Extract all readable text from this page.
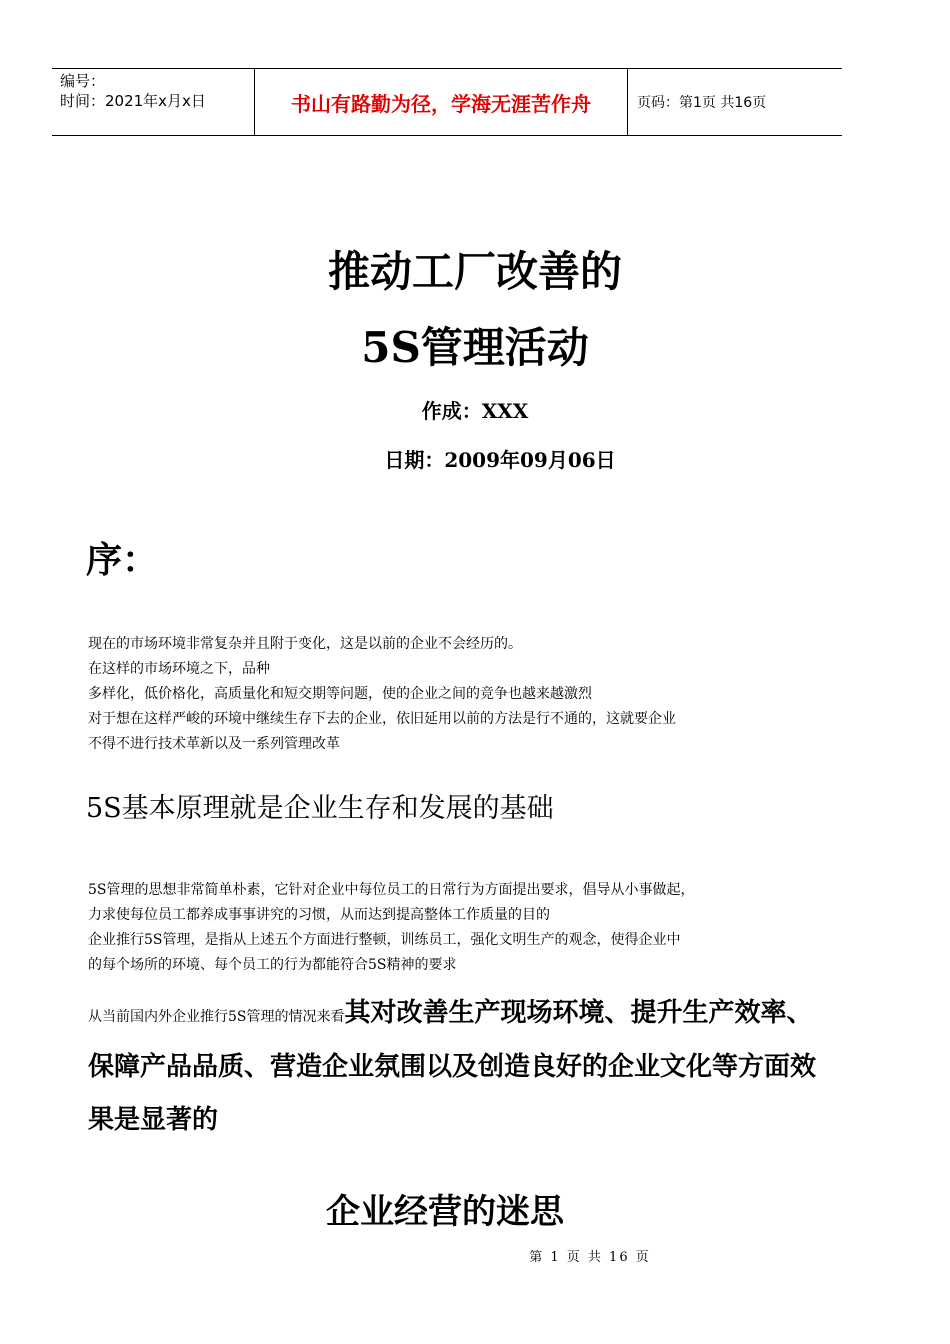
编号：
时间：2021年x月x日	书山有路勤为径，学海无涯苦作舟	页码：第1页 共16页
推动工厂改善的
5S管理活动
作成：XXX
日期：2009年09月06日
序：
现在的市场环境非常复杂并且附于变化，这是以前的企业不会经历的。
在这样的市场环境之下，品种
多样化，低价格化，高质量化和短交期等问题，使的企业之间的竞争也越来越激烈
对于想在这样严峻的环境中继续生存下去的企业，依旧延用以前的方法是行不通的，这就要企业
不得不进行技术革新以及一系列管理改革
5S基本原理就是企业生存和发展的基础
5S管理的思想非常简单朴素，它针对企业中每位员工的日常行为方面提出要求，倡导从小事做起，
力求使每位员工都养成事事讲究的习惯，从而达到提高整体工作质量的目的
企业推行5S管理，是指从上述五个方面进行整顿，训练员工，强化文明生产的观念，使得企业中
的每个场所的环境、每个员工的行为都能符合5S精神的要求
从当前国内外企业推行5S管理的情况来看其对改善生产现场环境、提升生产效率、保障产品品质、营造企业氛围以及创造良好的企业文化等方面效果是显著的
企业经营的迷思
第 1 页 共 16 页
